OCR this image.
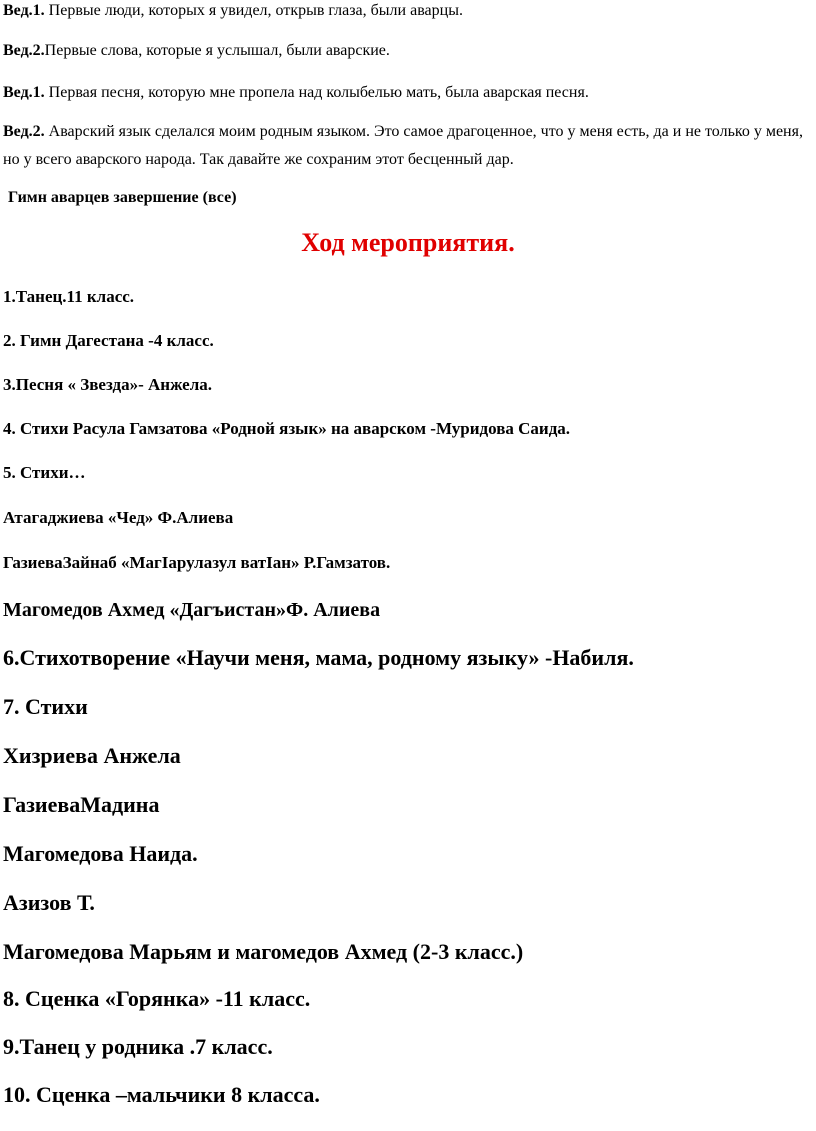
Вед.1. Первые люди, которых я увидел, открыв глаза, были аварцы.
Вед.2.Первые слова, которые я услышал, были аварские.
Вед.1. Первая песня, которую мне пропела над колыбелью мать, была аварская песня.
Вед.2. Аварский язык сделался моим родным языком. Это самое драгоценное, что у меня есть, да и не только у меня, но у всего аварского народа. Так давайте же сохраним этот бесценный дар.
Гимн аварцев завершение (все)
Ход мероприятия.
1.Танец.11 класс.
2. Гимн Дагестана -4 класс.
3.Песня « Звезда»- Анжела.
4. Стихи Расула Гамзатова «Родной язык» на аварском -Муридова Саида.
5. Стихи…
Атагаджиева «Чед» Ф.Алиева
ГазиеваЗайнаб «МагIарулазул ватIан» Р.Гамзатов.
Магомедов Ахмед «Дагъистан»Ф. Алиева
6.Стихотворение «Научи меня, мама, родному языку» -Набиля.
7. Стихи
Хизриева Анжела
ГазиеваМадина
Магомедова Наида.
Азизов Т.
Магомедова Марьям и магомедов Ахмед (2-3 класс.)
8. Сценка «Горянка» -11 класс.
9.Танец у родника .7 класс.
10. Сценка –мальчики 8 класса.
